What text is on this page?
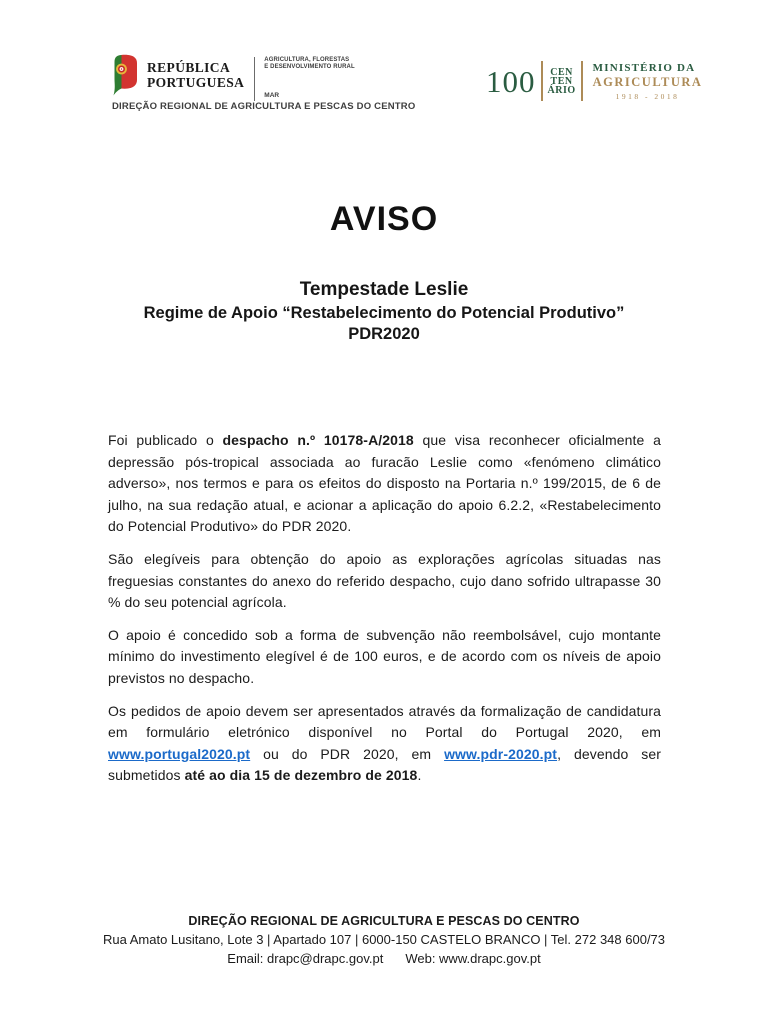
REPÚBLICA
PORTUGUESA
AGRICULTURA, FLORESTAS
E DESENVOLVIMENTO RURAL
MAR
DIREÇÃO REGIONAL DE AGRICULTURA E PESCAS DO CENTRO
100 CEN
TEN
ÁRIO
MINISTÉRIO DA
AGRICULTURA
1918 - 2018
AVISO
Tempestade Leslie
Regime de Apoio “Restabelecimento do Potencial Produtivo”
PDR2020

Foi publicado o despacho n.º 10178-A/2018 que visa reconhecer oficialmente a depressão pós-tropical associada ao furacão Leslie como «fenómeno climático adverso», nos termos e para os efeitos do disposto na Portaria n.º 199/2015, de 6 de julho, na sua redação atual, e acionar a aplicação do apoio 6.2.2, «Restabelecimento do Potencial Produtivo» do PDR 2020.

São elegíveis para obtenção do apoio as explorações agrícolas situadas nas freguesias constantes do anexo do referido despacho, cujo dano sofrido ultrapasse 30 % do seu potencial agrícola.

O apoio é concedido sob a forma de subvenção não reembolsável, cujo montante mínimo do investimento elegível é de 100 euros, e de acordo com os níveis de apoio previstos no despacho.

Os pedidos de apoio devem ser apresentados através da formalização de candidatura em formulário eletrónico disponível no Portal do Portugal 2020, em www.portugal2020.pt ou do PDR 2020, em www.pdr-2020.pt, devendo ser submetidos até ao dia 15 de dezembro de 2018.

DIREÇÃO REGIONAL DE AGRICULTURA E PESCAS DO CENTRO
Rua Amato Lusitano, Lote 3 | Apartado 107 | 6000-150 CASTELO BRANCO | Tel. 272 348 600/73
Email: drapc@drapc.gov.pt Web: www.drapc.gov.pt
